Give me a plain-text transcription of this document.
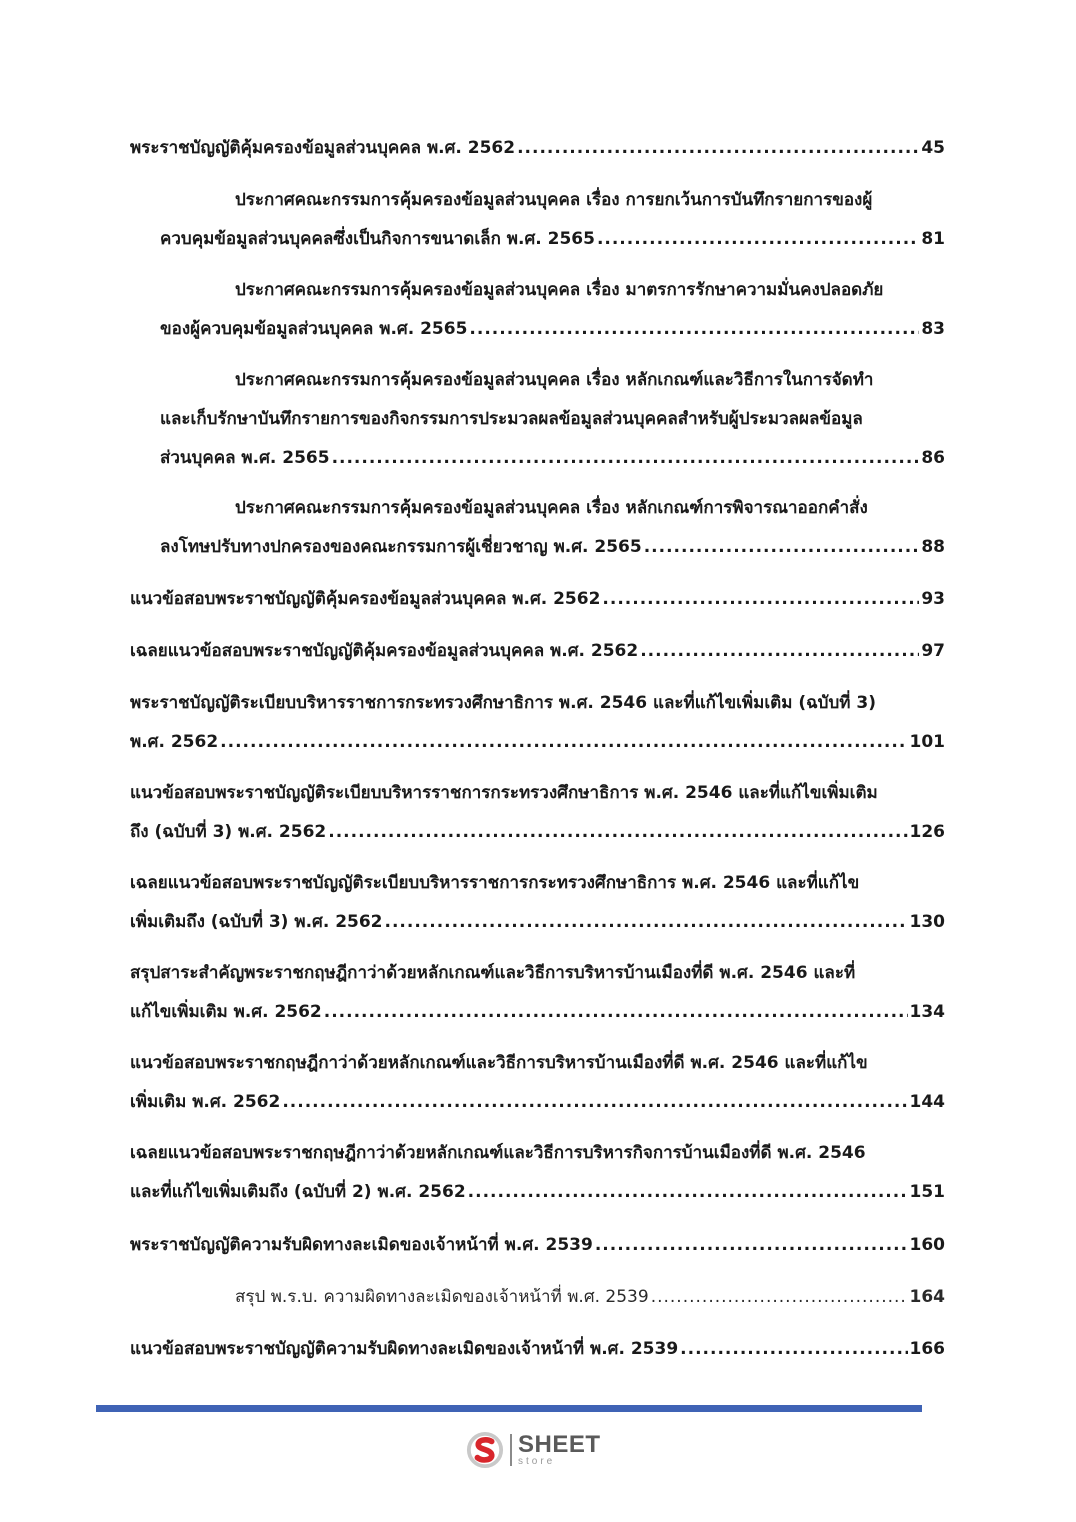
พระราชบัญญัติคุ้มครองข้อมูลส่วนบุคคล พ.ศ. 2562 .....	45
ประกาศคณะกรรมการคุ้มครองข้อมูลส่วนบุคคล เรื่อง การยกเว้นการบันทึกรายการของผู้
ควบคุมข้อมูลส่วนบุคคลซึ่งเป็นกิจการขนาดเล็ก พ.ศ. 2565 .....	81
ประกาศคณะกรรมการคุ้มครองข้อมูลส่วนบุคคล เรื่อง มาตรการรักษาความมั่นคงปลอดภัย
ของผู้ควบคุมข้อมูลส่วนบุคคล พ.ศ. 2565 .....	83
ประกาศคณะกรรมการคุ้มครองข้อมูลส่วนบุคคล เรื่อง หลักเกณฑ์และวิธีการในการจัดทำ
และเก็บรักษาบันทึกรายการของกิจกรรมการประมวลผลข้อมูลส่วนบุคคลสำหรับผู้ประมวลผลข้อมูล
ส่วนบุคคล พ.ศ. 2565 .....	86
ประกาศคณะกรรมการคุ้มครองข้อมูลส่วนบุคคล เรื่อง หลักเกณฑ์การพิจารณาออกคำสั่ง
ลงโทษปรับทางปกครองของคณะกรรมการผู้เชี่ยวชาญ พ.ศ. 2565 .....	88
แนวข้อสอบพระราชบัญญัติคุ้มครองข้อมูลส่วนบุคคล พ.ศ. 2562 .....	93
เฉลยแนวข้อสอบพระราชบัญญัติคุ้มครองข้อมูลส่วนบุคคล พ.ศ. 2562 .....	97
พระราชบัญญัติระเบียบบริหารราชการกระทรวงศึกษาธิการ พ.ศ. 2546 และที่แก้ไขเพิ่มเติม (ฉบับที่ 3)
พ.ศ. 2562 .....	101
แนวข้อสอบพระราชบัญญัติระเบียบบริหารราชการกระทรวงศึกษาธิการ พ.ศ. 2546 และที่แก้ไขเพิ่มเติม
ถึง (ฉบับที่ 3) พ.ศ. 2562 .....	126
เฉลยแนวข้อสอบพระราชบัญญัติระเบียบบริหารราชการกระทรวงศึกษาธิการ พ.ศ. 2546 และที่แก้ไข
เพิ่มเติมถึง (ฉบับที่ 3) พ.ศ. 2562 .....	130
สรุปสาระสำคัญพระราชกฤษฎีกาว่าด้วยหลักเกณฑ์และวิธีการบริหารบ้านเมืองที่ดี พ.ศ. 2546 และที่
แก้ไขเพิ่มเติม พ.ศ. 2562 .....	134
แนวข้อสอบพระราชกฤษฎีกาว่าด้วยหลักเกณฑ์และวิธีการบริหารบ้านเมืองที่ดี พ.ศ. 2546 และที่แก้ไข
เพิ่มเติม พ.ศ. 2562 .....	144
เฉลยแนวข้อสอบพระราชกฤษฎีกาว่าด้วยหลักเกณฑ์และวิธีการบริหารกิจการบ้านเมืองที่ดี พ.ศ. 2546
และที่แก้ไขเพิ่มเติมถึง (ฉบับที่ 2) พ.ศ. 2562 .....	151
พระราชบัญญัติความรับผิดทางละเมิดของเจ้าหน้าที่ พ.ศ. 2539 .....	160
สรุป พ.ร.บ. ความผิดทางละเมิดของเจ้าหน้าที่ พ.ศ. 2539 .....	164
แนวข้อสอบพระราชบัญญัติความรับผิดทางละเมิดของเจ้าหน้าที่ พ.ศ. 2539 .....	166
SHEET
store
